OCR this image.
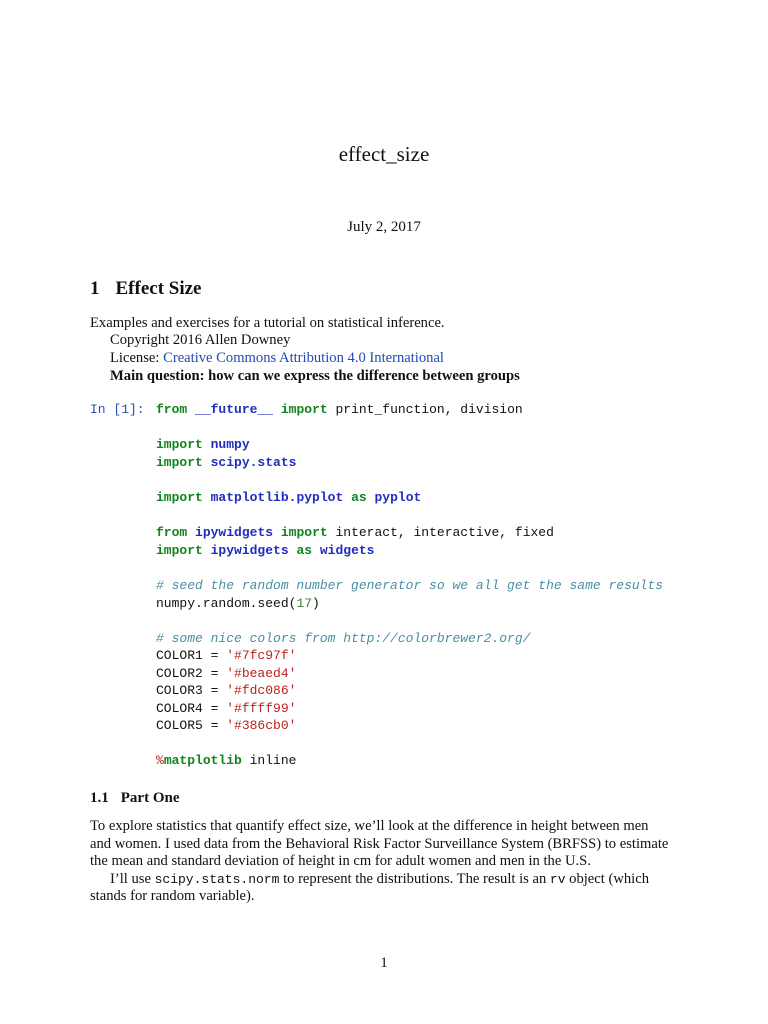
effect_size
July 2, 2017
1 Effect Size
Examples and exercises for a tutorial on statistical inference.
Copyright 2016 Allen Downey
License: Creative Commons Attribution 4.0 International
Main question: how can we express the difference between groups
In [1]: from __future__ import print_function, division
import numpy
import scipy.stats
import matplotlib.pyplot as pyplot
from ipywidgets import interact, interactive, fixed
import ipywidgets as widgets
# seed the random number generator so we all get the same results
numpy.random.seed(17)
# some nice colors from http://colorbrewer2.org/
COLOR1 = '#7fc97f'
COLOR2 = '#beaed4'
COLOR3 = '#fdc086'
COLOR4 = '#ffff99'
COLOR5 = '#386cb0'
%matplotlib inline
1.1 Part One
To explore statistics that quantify effect size, we’ll look at the difference in height between men
and women. I used data from the Behavioral Risk Factor Surveillance System (BRFSS) to estimate
the mean and standard deviation of height in cm for adult women and men in the U.S.
I’ll use scipy.stats.norm to represent the distributions. The result is an rv object (which
stands for random variable).
1
